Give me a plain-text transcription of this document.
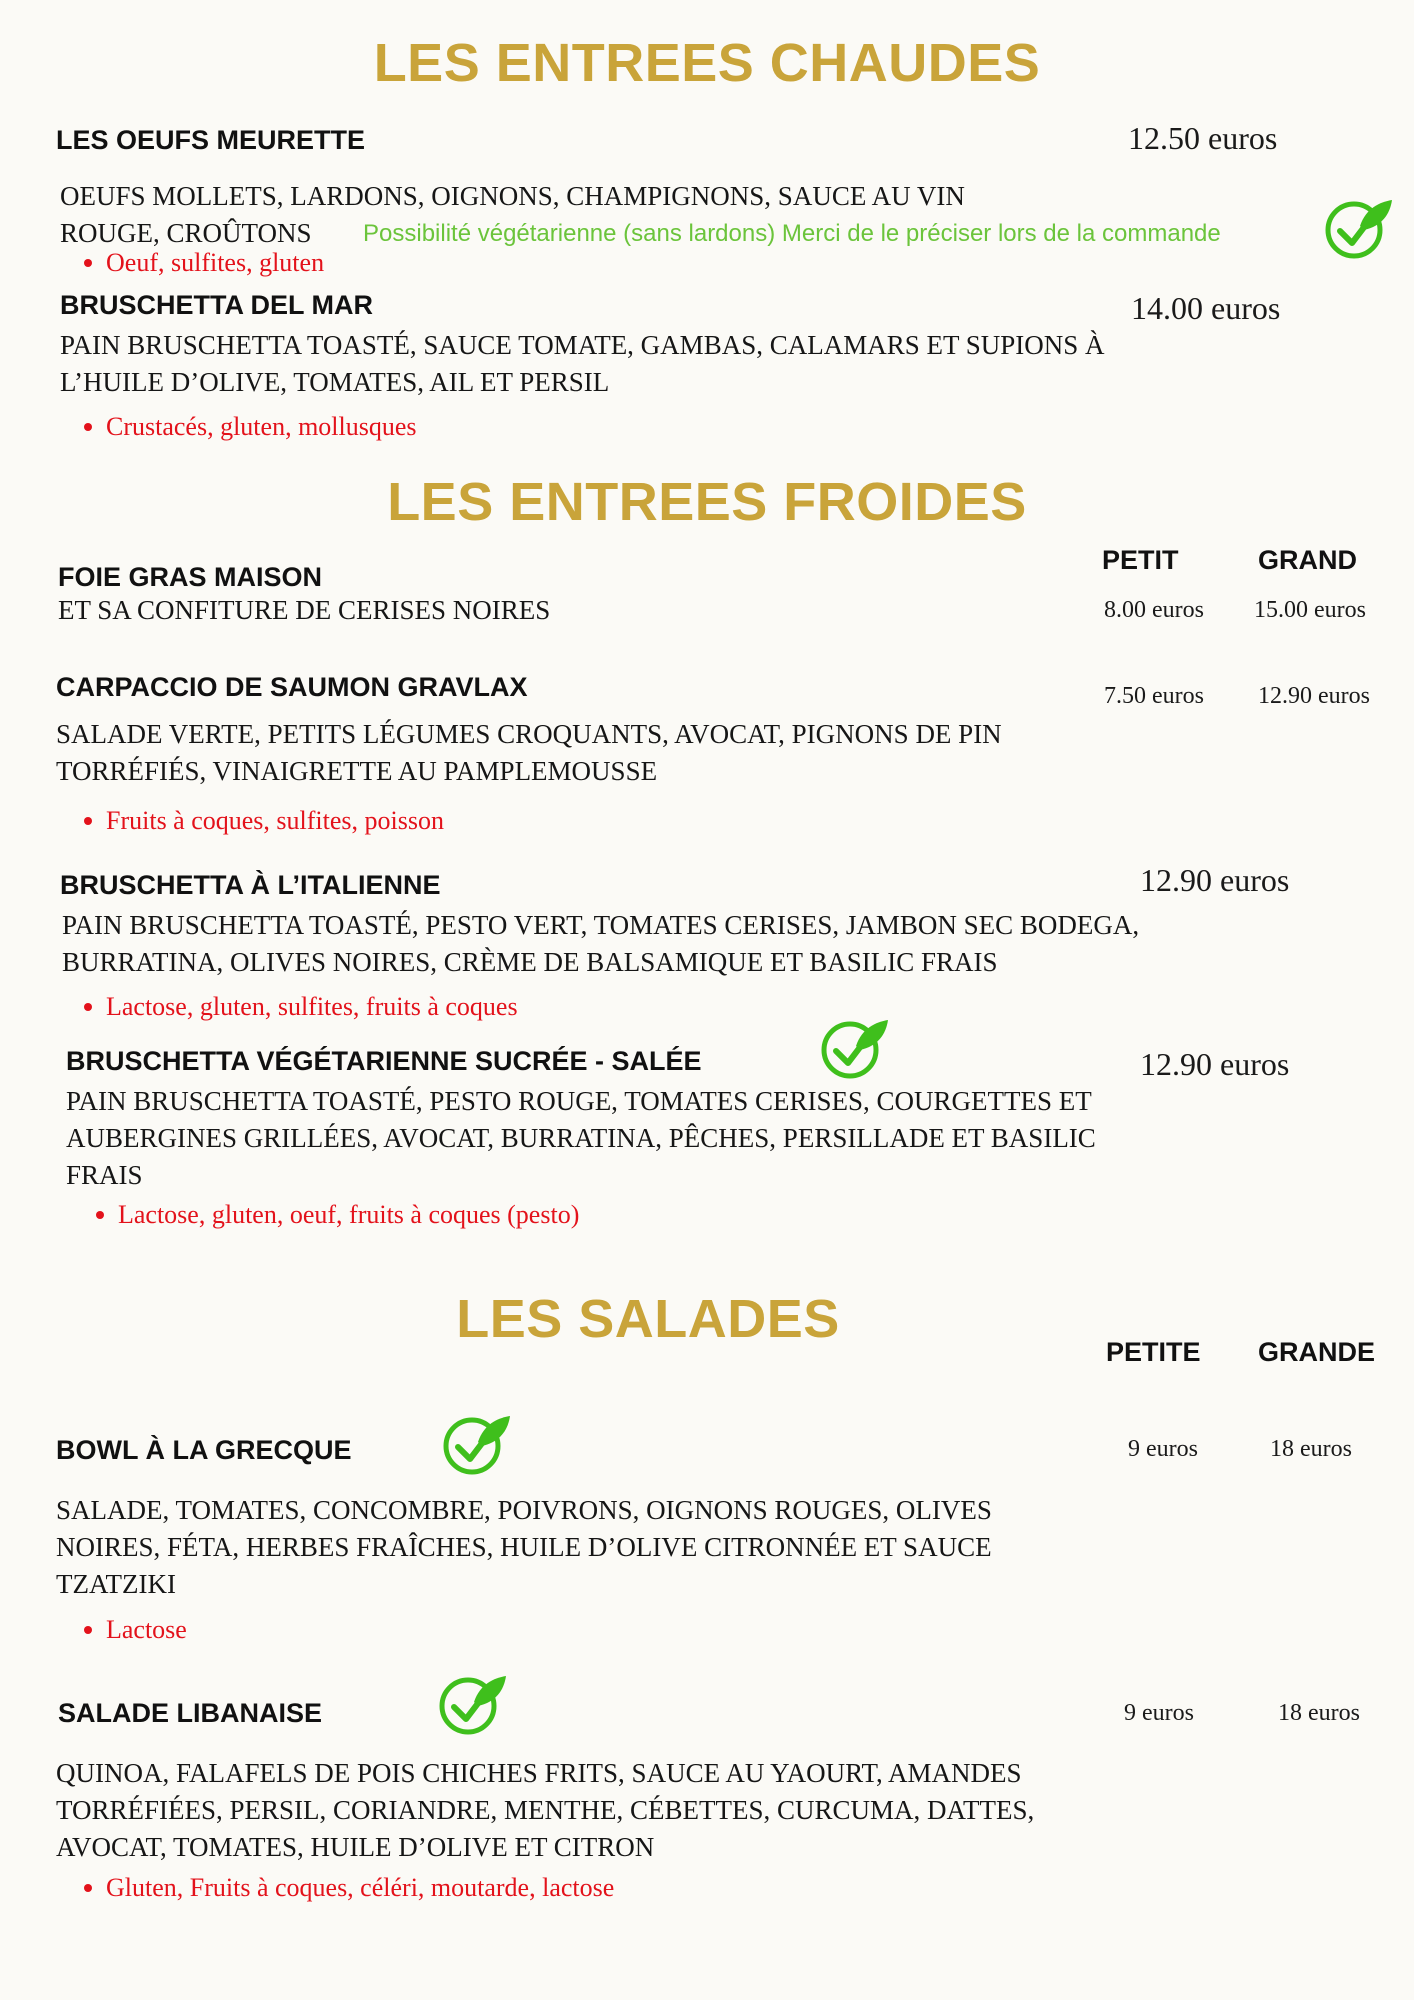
LES ENTREES CHAUDES
LES OEUFS MEURETTE	12.50 euros
OEUFS MOLLETS, LARDONS, OIGNONS, CHAMPIGNONS, SAUCE AU VIN
ROUGE, CROÛTONS Possibilité végétarienne (sans lardons) Merci de le préciser lors de la commande
Oeuf, sulfites, gluten
BRUSCHETTA DEL MAR	14.00 euros
PAIN BRUSCHETTA TOASTÉ, SAUCE TOMATE, GAMBAS, CALAMARS ET SUPIONS À L’HUILE D’OLIVE, TOMATES, AIL ET PERSIL
Crustacés, gluten, mollusques
LES ENTREES FROIDES
PETIT	GRAND
FOIE GRAS MAISON
ET SA CONFITURE DE CERISES NOIRES	8.00 euros 15.00 euros
CARPACCIO DE SAUMON GRAVLAX	7.50 euros 12.90 euros
SALADE VERTE, PETITS LÉGUMES CROQUANTS, AVOCAT, PIGNONS DE PIN TORRÉFIÉS, VINAIGRETTE AU PAMPLEMOUSSE
Fruits à coques, sulfites, poisson
BRUSCHETTA À L’ITALIENNE	12.90 euros
PAIN BRUSCHETTA TOASTÉ, PESTO VERT, TOMATES CERISES, JAMBON SEC BODEGA, BURRATINA, OLIVES NOIRES, CRÈME DE BALSAMIQUE ET BASILIC FRAIS
Lactose, gluten, sulfites, fruits à coques
BRUSCHETTA VÉGÉTARIENNE SUCRÉE - SALÉE	12.90 euros
PAIN BRUSCHETTA TOASTÉ, PESTO ROUGE, TOMATES CERISES, COURGETTES ET AUBERGINES GRILLÉES, AVOCAT, BURRATINA, PÊCHES, PERSILLADE ET BASILIC FRAIS
Lactose, gluten, oeuf, fruits à coques (pesto)
LES SALADES
PETITE GRANDE
BOWL À LA GRECQUE	9 euros	18 euros
SALADE, TOMATES, CONCOMBRE, POIVRONS, OIGNONS ROUGES, OLIVES NOIRES, FÉTA, HERBES FRAÎCHES, HUILE D’OLIVE CITRONNÉE ET SAUCE TZATZIKI
Lactose
SALADE LIBANAISE	9 euros	18 euros
QUINOA, FALAFELS DE POIS CHICHES FRITS, SAUCE AU YAOURT, AMANDES TORRÉFIÉES, PERSIL, CORIANDRE, MENTHE, CÉBETTES, CURCUMA, DATTES, AVOCAT, TOMATES, HUILE D’OLIVE ET CITRON
Gluten, Fruits à coques, céléri, moutarde, lactose
